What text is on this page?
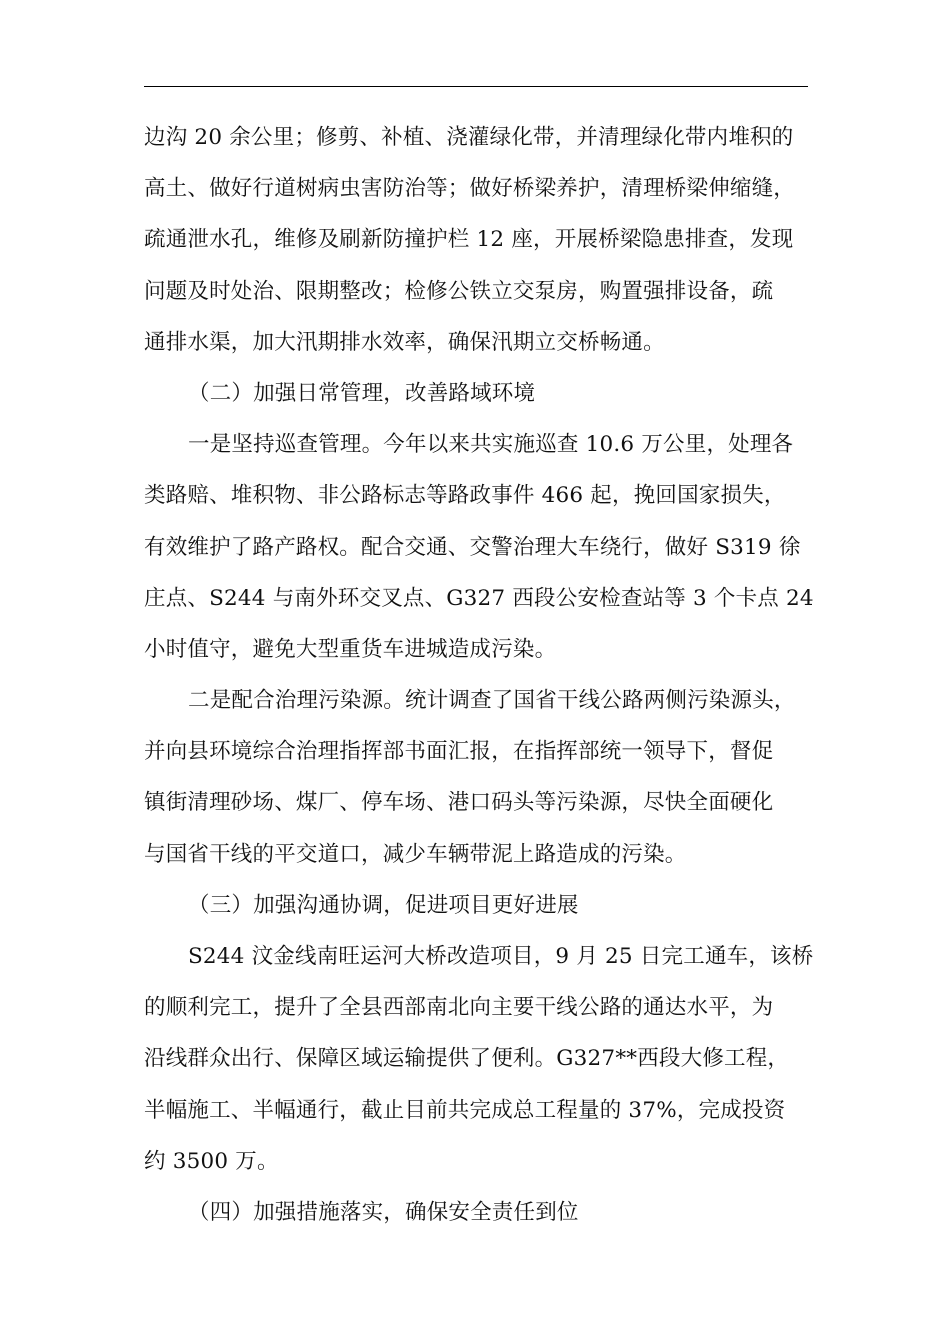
边沟 20 余公里；修剪、补植、浇灌绿化带，并清理绿化带内堆积的
高土、做好行道树病虫害防治等；做好桥梁养护，清理桥梁伸缩缝，
疏通泄水孔，维修及刷新防撞护栏 12 座，开展桥梁隐患排查，发现
问题及时处治、限期整改；检修公铁立交泵房，购置强排设备，疏
通排水渠，加大汛期排水效率，确保汛期立交桥畅通。
（二）加强日常管理，改善路域环境
一是坚持巡查管理。今年以来共实施巡查 10.6 万公里，处理各
类路赔、堆积物、非公路标志等路政事件 466 起，挽回国家损失，
有效维护了路产路权。配合交通、交警治理大车绕行，做好 S319 徐
庄点、S244 与南外环交叉点、G327 西段公安检查站等 3 个卡点 24
小时值守，避免大型重货车进城造成污染。
二是配合治理污染源。统计调查了国省干线公路两侧污染源头，
并向县环境综合治理指挥部书面汇报，在指挥部统一领导下，督促
镇街清理砂场、煤厂、停车场、港口码头等污染源，尽快全面硬化
与国省干线的平交道口，减少车辆带泥上路造成的污染。
（三）加强沟通协调，促进项目更好进展
S244 汶金线南旺运河大桥改造项目，9 月 25 日完工通车，该桥
的顺利完工，提升了全县西部南北向主要干线公路的通达水平，为
沿线群众出行、保障区域运输提供了便利。G327**西段大修工程，
半幅施工、半幅通行，截止目前共完成总工程量的 37%，完成投资
约 3500 万。
（四）加强措施落实，确保安全责任到位
